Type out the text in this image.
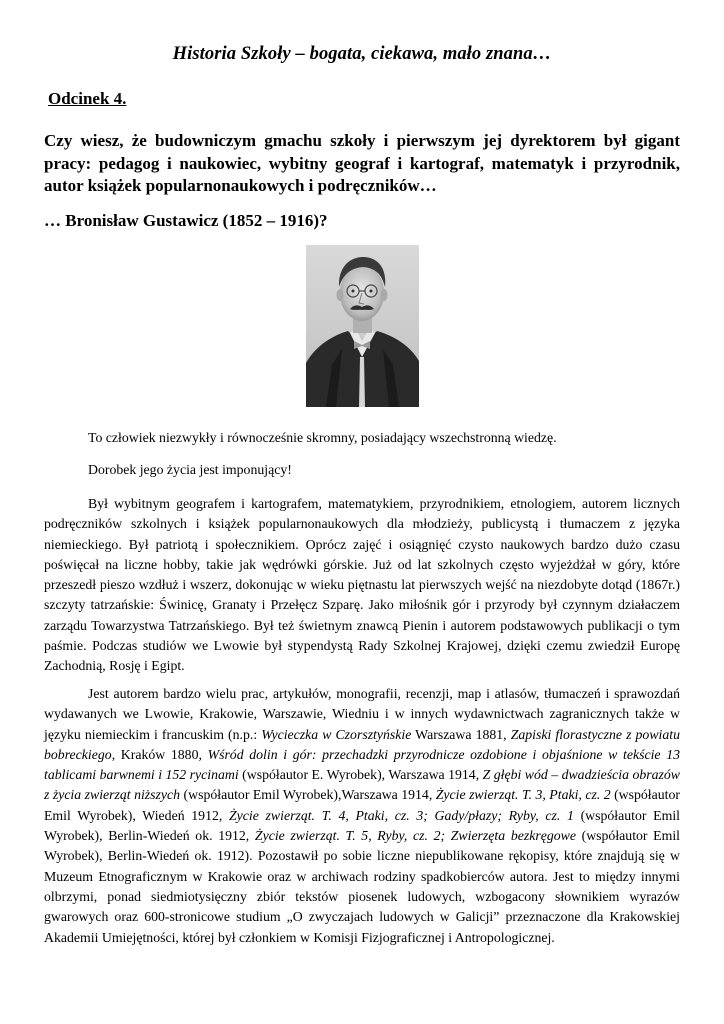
Historia Szkoły – bogata, ciekawa, mało znana…
Odcinek 4.
Czy wiesz, że budowniczym gmachu szkoły i pierwszym jej dyrektorem był gigant pracy: pedagog i naukowiec, wybitny geograf i kartograf, matematyk i przyrodnik, autor książek popularnonaukowych i podręczników…
… Bronisław Gustawicz (1852 – 1916)?
To człowiek niezwykły i równocześnie skromny, posiadający wszechstronną wiedzę.
Dorobek jego życia jest imponujący!

Był wybitnym geografem i kartografem, matematykiem, przyrodnikiem, etnologiem, autorem licznych podręczników szkolnych i książek popularnonaukowych dla młodzieży, publicystą i tłumaczem z języka niemieckiego. Był patriotą i społecznikiem. Oprócz zajęć i osiągnięć czysto naukowych bardzo dużo czasu poświęcał na liczne hobby, takie jak wędrówki górskie. Już od lat szkolnych często wyjeżdżał w góry, które przeszedł pieszo wzdłuż i wszerz, dokonując w wieku piętnastu lat pierwszych wejść na niezdobyte dotąd (1867r.) szczyty tatrzańskie: Świnicę, Granaty i Przełęcz Szparę. Jako miłośnik gór i przyrody był czynnym działaczem zarządu Towarzystwa Tatrzańskiego. Był też świetnym znawcą Pienin i autorem podstawowych publikacji o tym paśmie. Podczas studiów we Lwowie był stypendystą Rady Szkolnej Krajowej, dzięki czemu zwiedził Europę Zachodnią, Rosję i Egipt.

Jest autorem bardzo wielu prac, artykułów, monografii, recenzji, map i atlasów, tłumaczeń i sprawozdań wydawanych we Lwowie, Krakowie, Warszawie, Wiedniu i w innych wydawnictwach zagranicznych także w języku niemieckim i francuskim (n.p.: Wycieczka w Czorsztyńskie Warszawa 1881, Zapiski florastyczne z powiatu bobreckiego, Kraków 1880, Wśród dolin i gór: przechadzki przyrodnicze ozdobione i objaśnione w tekście 13 tablicami barwnemi i 152 rycinami (współautor E. Wyrobek), Warszawa 1914, Z głębi wód – dwadzieścia obrazów z życia zwierząt niższych (współautor Emil Wyrobek),Warszawa 1914, Życie zwierząt. T. 3, Ptaki, cz. 2 (współautor Emil Wyrobek), Wiedeń 1912, Życie zwierząt. T. 4, Ptaki, cz. 3; Gady/płazy; Ryby, cz. 1 (współautor Emil Wyrobek), Berlin-Wiedeń ok. 1912, Życie zwierząt. T. 5, Ryby, cz. 2; Zwierzęta bezkręgowe (współautor Emil Wyrobek), Berlin-Wiedeń ok. 1912). Pozostawił po sobie liczne niepublikowane rękopisy, które znajdują się w Muzeum Etnograficznym w Krakowie oraz w archiwach rodziny spadkobierców autora. Jest to między innymi olbrzymi, ponad siedmiotysięczny zbiór tekstów piosenek ludowych, wzbogacony słownikiem wyrazów gwarowych oraz 600-stronicowe studium „O zwyczajach ludowych w Galicji” przeznaczone dla Krakowskiej Akademii Umiejętności, której był członkiem w Komisji Fizjograficznej i Antropologicznej.
